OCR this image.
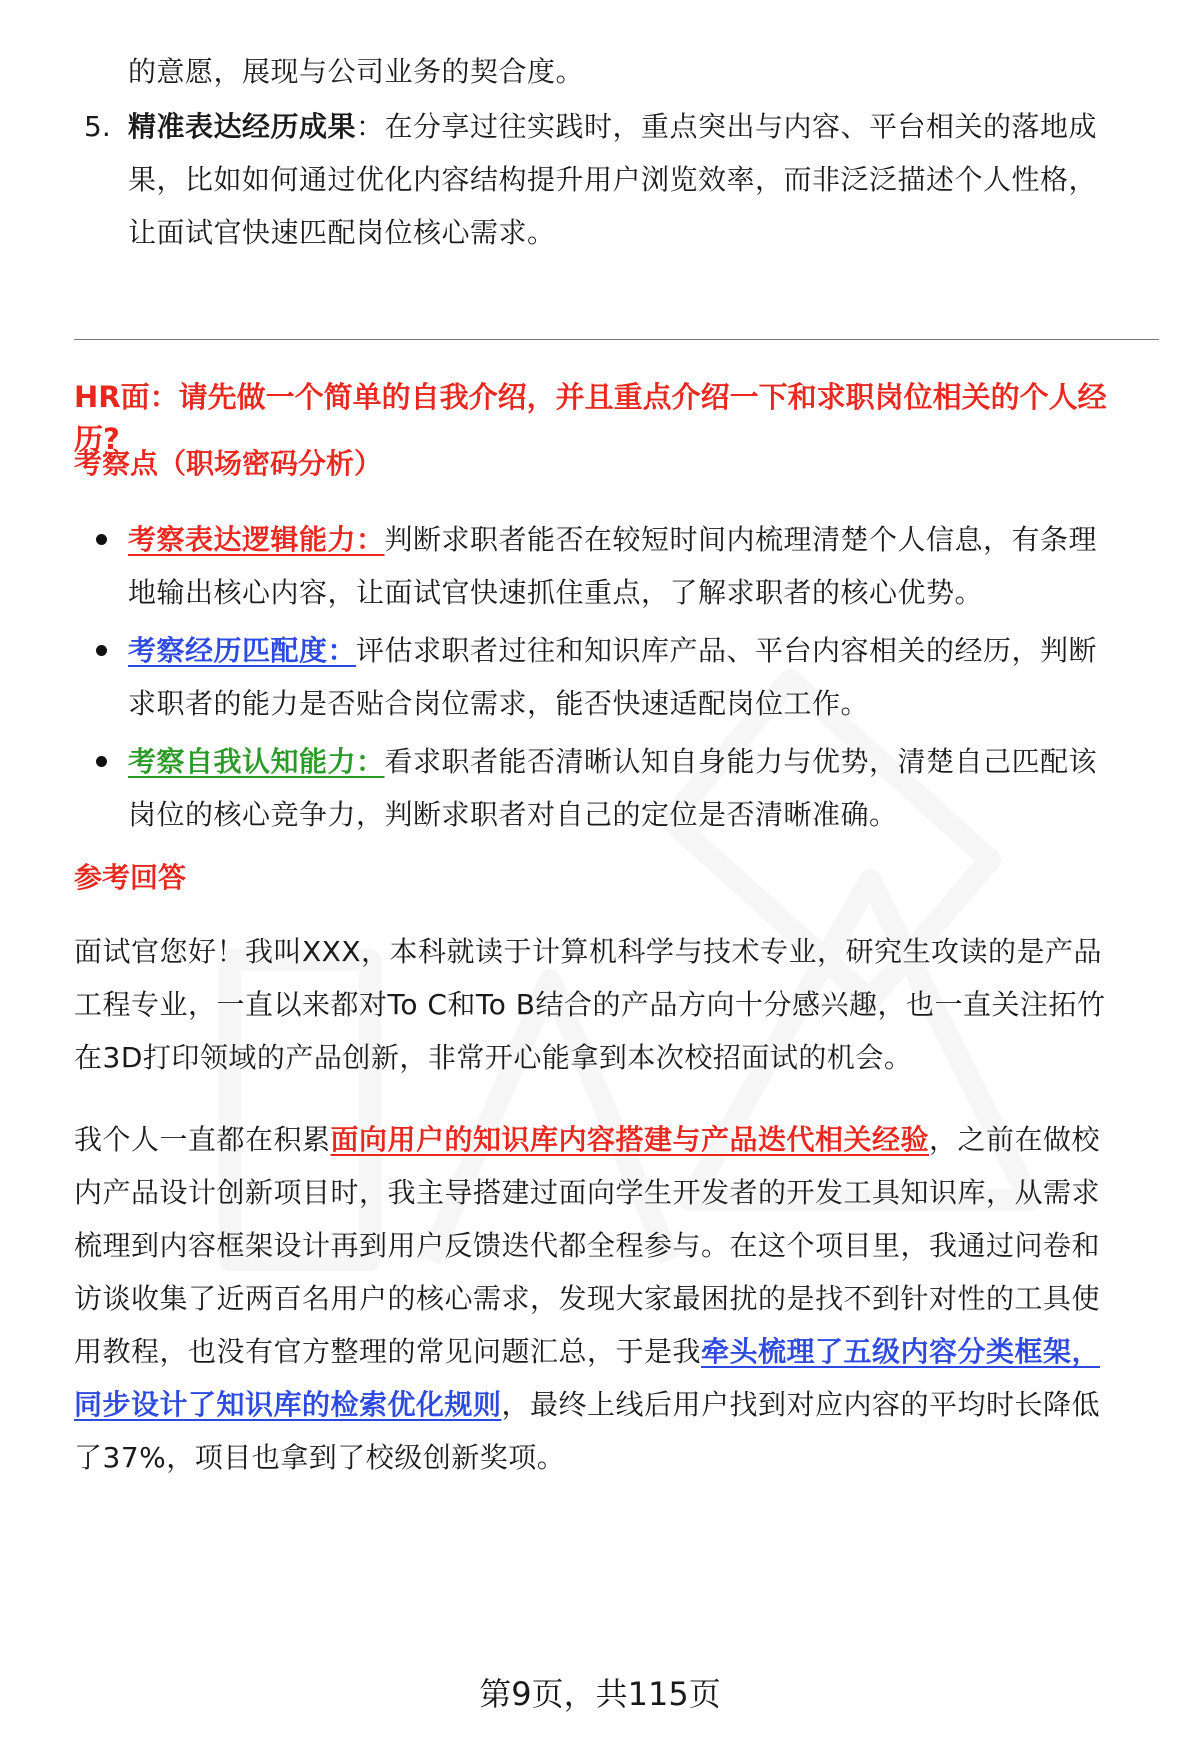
的意愿，展现与公司业务的契合度。
5. 精准表达经历成果：在分享过往实践时，重点突出与内容、平台相关的落地成
果，比如如何通过优化内容结构提升用户浏览效率，而非泛泛描述个人性格，
让面试官快速匹配岗位核心需求。
HR面：请先做一个简单的自我介绍，并且重点介绍一下和求职岗位相关的个人经
历?
考察点（职场密码分析）
考察表达逻辑能力：判断求职者能否在较短时间内梳理清楚个人信息，有条理
地输出核心内容，让面试官快速抓住重点，了解求职者的核心优势。
考察经历匹配度：评估求职者过往和知识库产品、平台内容相关的经历，判断
求职者的能力是否贴合岗位需求，能否快速适配岗位工作。
考察自我认知能力：看求职者能否清晰认知自身能力与优势，清楚自己匹配该
岗位的核心竞争力，判断求职者对自己的定位是否清晰准确。
参考回答
面试官您好！我叫XXX，本科就读于计算机科学与技术专业，研究生攻读的是产品
工程专业，一直以来都对To C和To B结合的产品方向十分感兴趣，也一直关注拓竹
在3D打印领域的产品创新，非常开心能拿到本次校招面试的机会。
我个人一直都在积累面向用户的知识库内容搭建与产品迭代相关经验，之前在做校
内产品设计创新项目时，我主导搭建过面向学生开发者的开发工具知识库，从需求
梳理到内容框架设计再到用户反馈迭代都全程参与。在这个项目里，我通过问卷和
访谈收集了近两百名用户的核心需求，发现大家最困扰的是找不到针对性的工具使
用教程，也没有官方整理的常见问题汇总，于是我牵头梳理了五级内容分类框架，
同步设计了知识库的检索优化规则，最终上线后用户找到对应内容的平均时长降低
了37%，项目也拿到了校级创新奖项。
第9页，共115页
